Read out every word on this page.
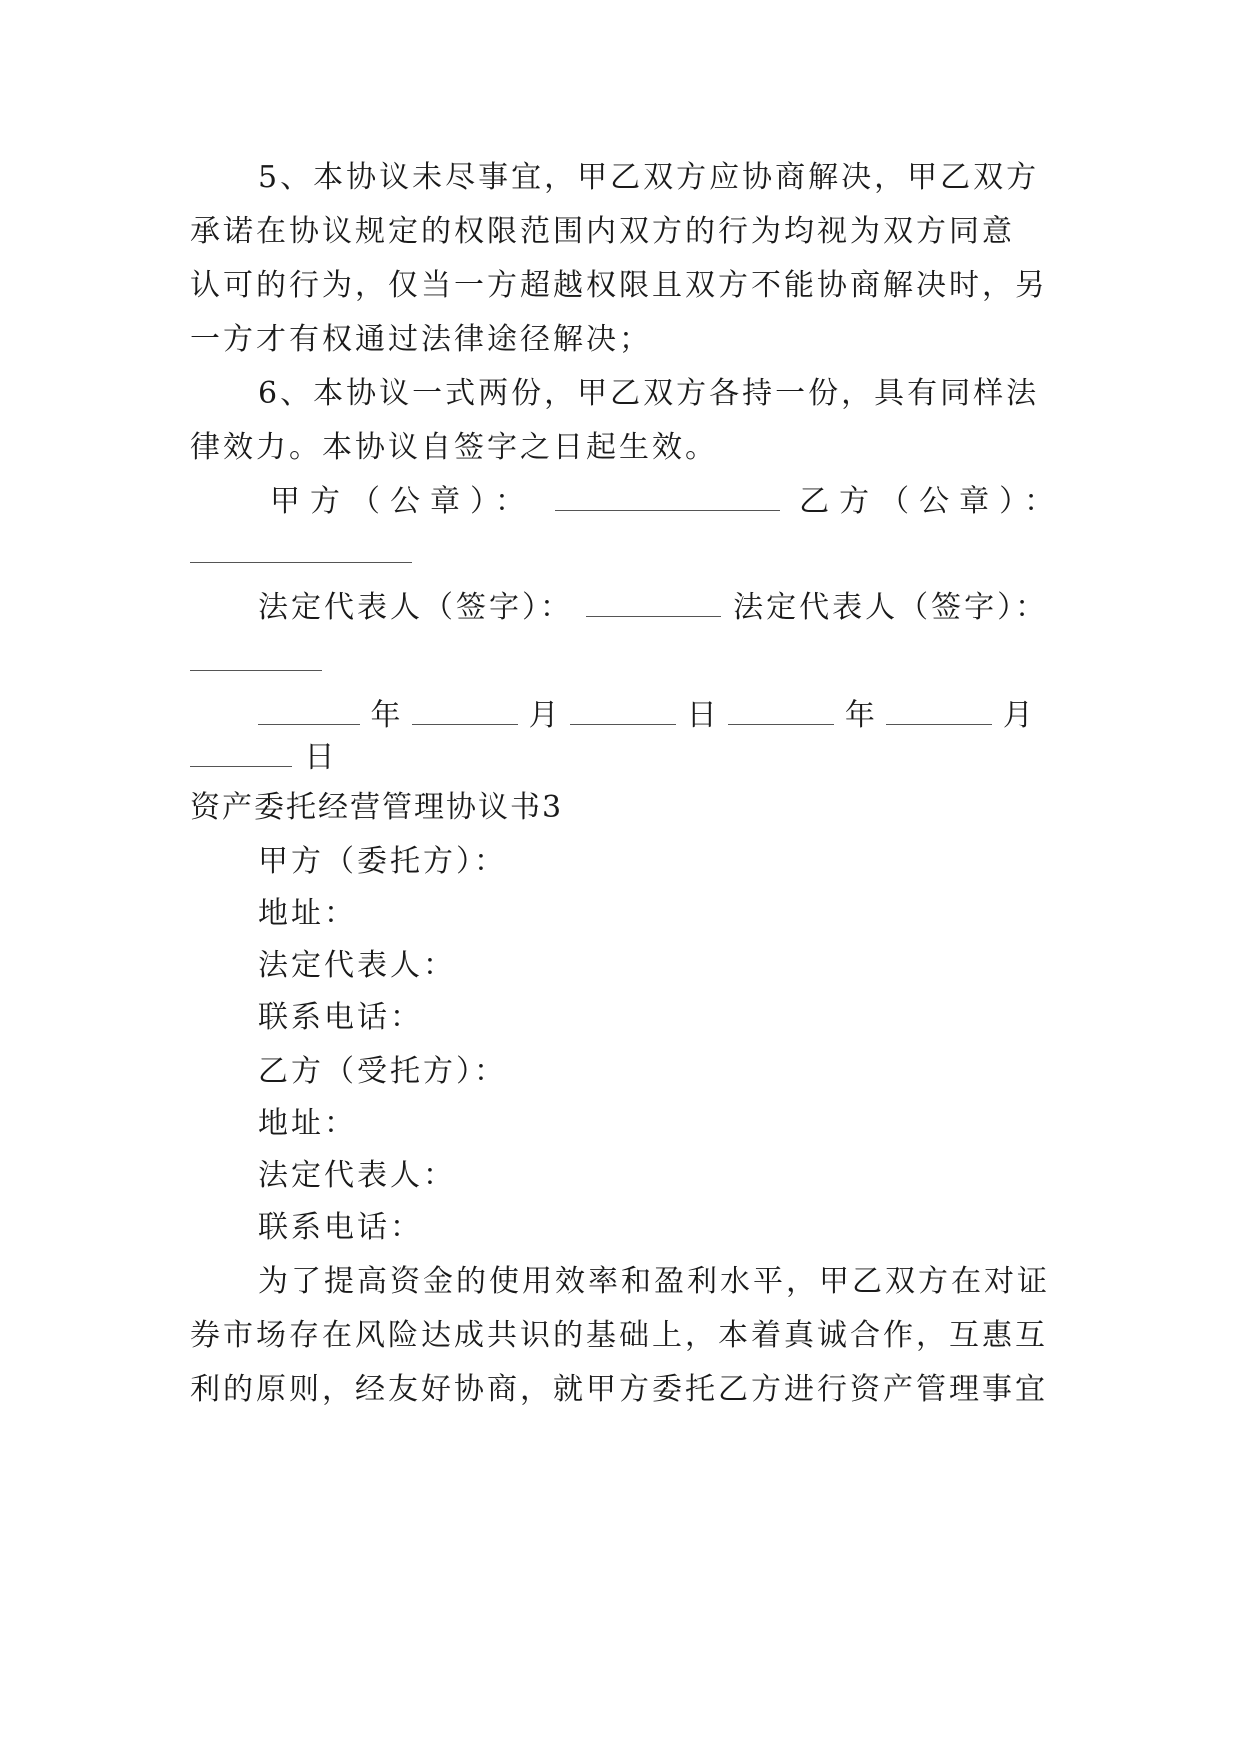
5、本协议未尽事宜，甲乙双方应协商解决，甲乙双方
承诺在协议规定的权限范围内双方的行为均视为双方同意
认可的行为，仅当一方超越权限且双方不能协商解决时，另
一方才有权通过法律途径解决；
6、本协议一式两份，甲乙双方各持一份，具有同样法
律效力。本协议自签字之日起生效。
甲方（公章）：	乙方（公章）：
法定代表人（签字）：	法定代表人（签字）：
年	月	日	年	月
日
资产委托经营管理协议书3
甲方（委托方）：
地址：
法定代表人：
联系电话：
乙方（受托方）：
地址：
法定代表人：
联系电话：
为了提高资金的使用效率和盈利水平，甲乙双方在对证
券市场存在风险达成共识的基础上，本着真诚合作，互惠互
利的原则，经友好协商，就甲方委托乙方进行资产管理事宜
